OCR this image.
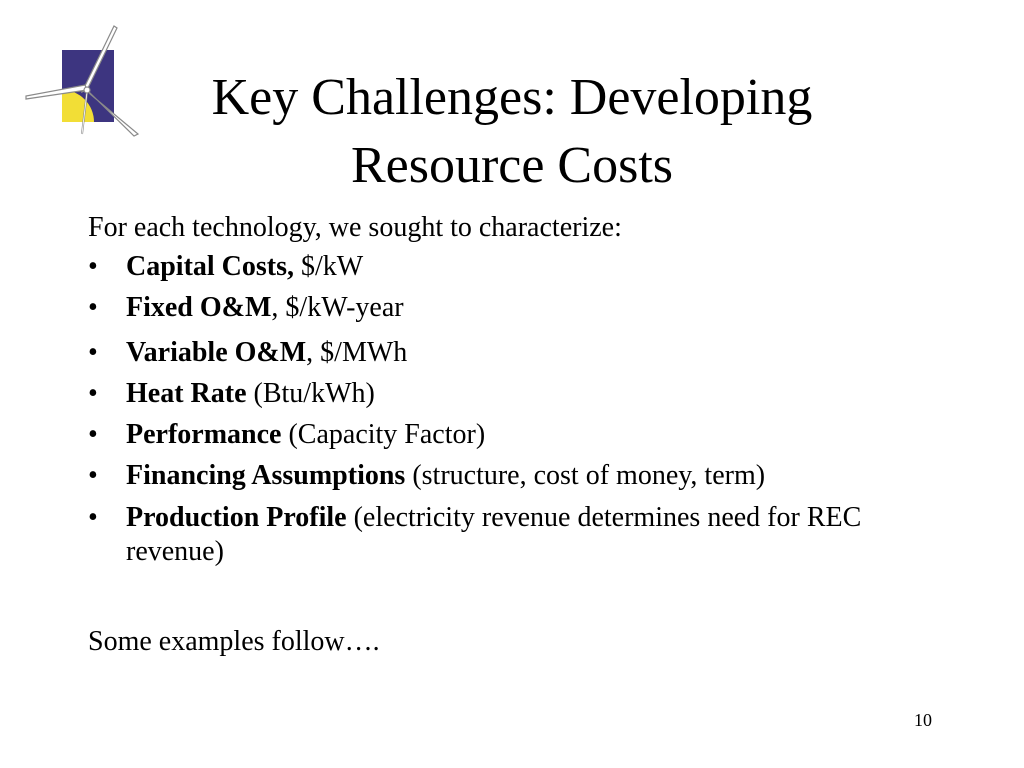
Key Challenges: Developing
Resource Costs
For each technology, we sought to characterize:
•	Capital Costs, $/kW
•	Fixed O&M, $/kW-year
•	Variable O&M, $/MWh
•	Heat Rate (Btu/kWh)
•	Performance (Capacity Factor)
•	Financing Assumptions (structure, cost of money, term)
•	Production Profile (electricity revenue determines need for REC revenue)
Some examples follow….
10
